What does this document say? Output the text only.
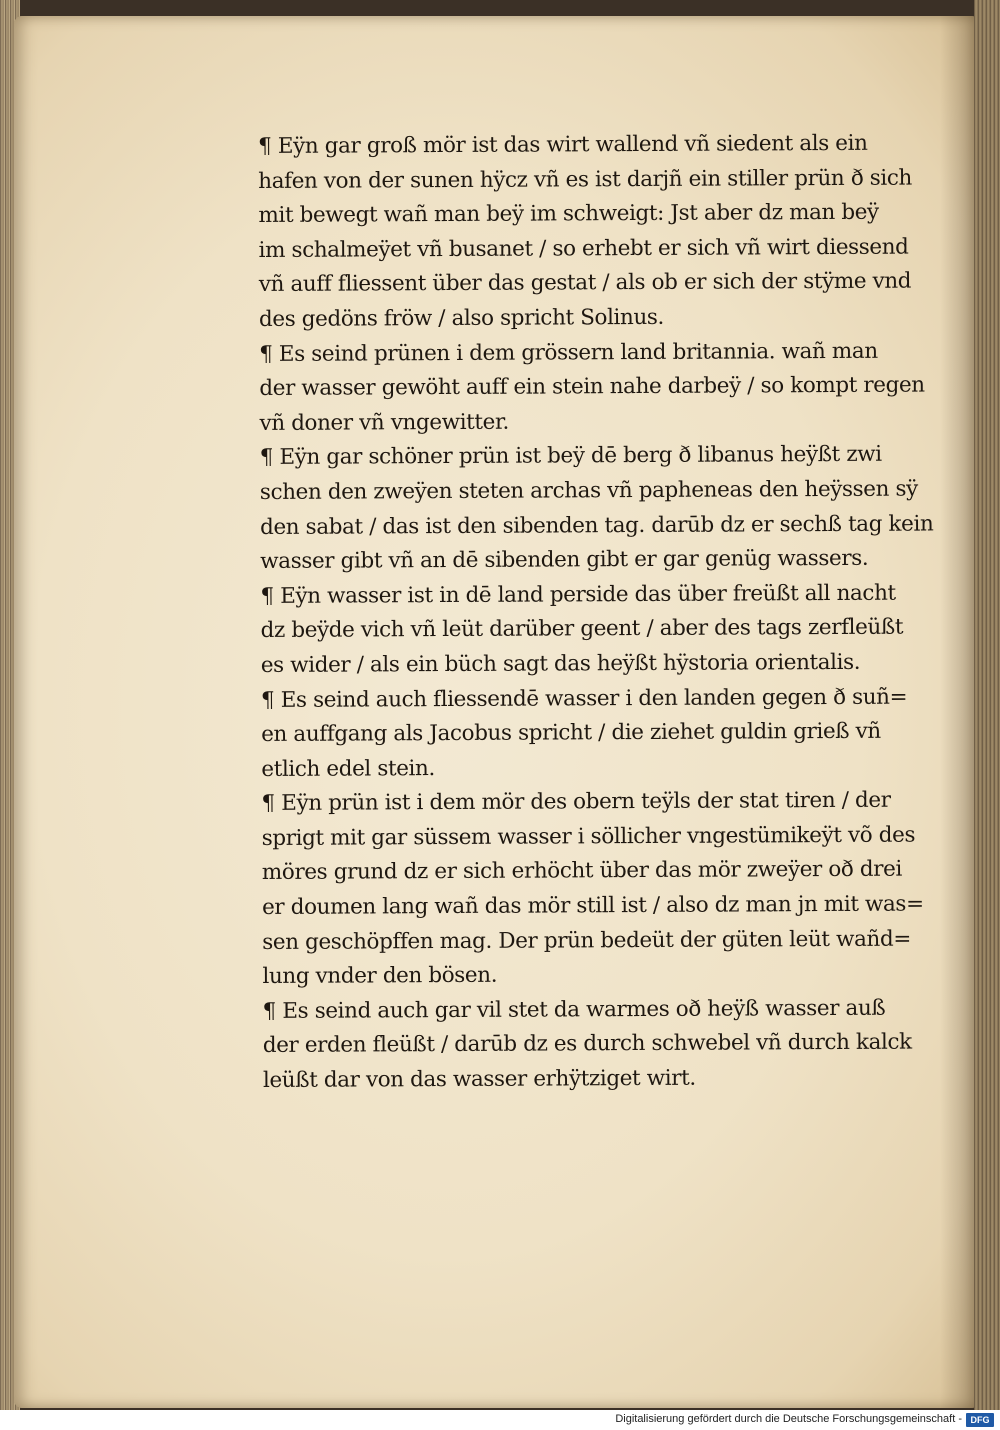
¶ Eÿn gar groß mör ist das wirt wallend vñ siedent als ein
hafen von der sunen hÿcz vñ es ist darjñ ein stiller prün ð sich
mit bewegt wañ man beÿ im schweigt: Jst aber dz man beÿ
im schalmeÿet vñ busanet / so erhebt er sich vñ wirt diessend
vñ auff fliessent über das gestat / als ob er sich der stÿme vnd
des gedöns fröw / also spricht Solinus.
¶ Es seind prünen i dem grössern land britannia. wañ man
der wasser gewöht auff ein stein nahe darbeÿ / so kompt regen
vñ doner vñ vngewitter.
¶ Eÿn gar schöner prün ist beÿ dē berg ð libanus heÿßt zwi
schen den zweÿen steten archas vñ papheneas den heÿssen sÿ
den sabat / das ist den sibenden tag. darūb dz er sechß tag kein
wasser gibt vñ an dē sibenden gibt er gar genüg wassers.
¶ Eÿn wasser ist in dē land perside das über freüßt all nacht
dz beÿde vich vñ leüt darüber geent / aber des tags zerfleüßt
es wider / als ein büch sagt das heÿßt hÿstoria orientalis.
¶ Es seind auch fliessendē wasser i den landen gegen ð suñ=
en auffgang als Jacobus spricht / die ziehet guldin grieß vñ
etlich edel stein.
¶ Eÿn prün ist i dem mör des obern teÿls der stat tiren / der
sprigt mit gar süssem wasser i söllicher vngestümikeÿt võ des
möres grund dz er sich erhöcht über das mör zweÿer oð drei
er doumen lang wañ das mör still ist / also dz man jn mit was=
sen geschöpffen mag. Der prün bedeüt der güten leüt wañd=
lung vnder den bösen.
¶ Es seind auch gar vil stet da warmes oð heÿß wasser auß
der erden fleüßt / darūb dz es durch schwebel vñ durch kalck
leüßt dar von das wasser erhÿtziget wirt.
Digitalisierung gefördert durch die Deutsche Forschungsgemeinschaft - DFG
